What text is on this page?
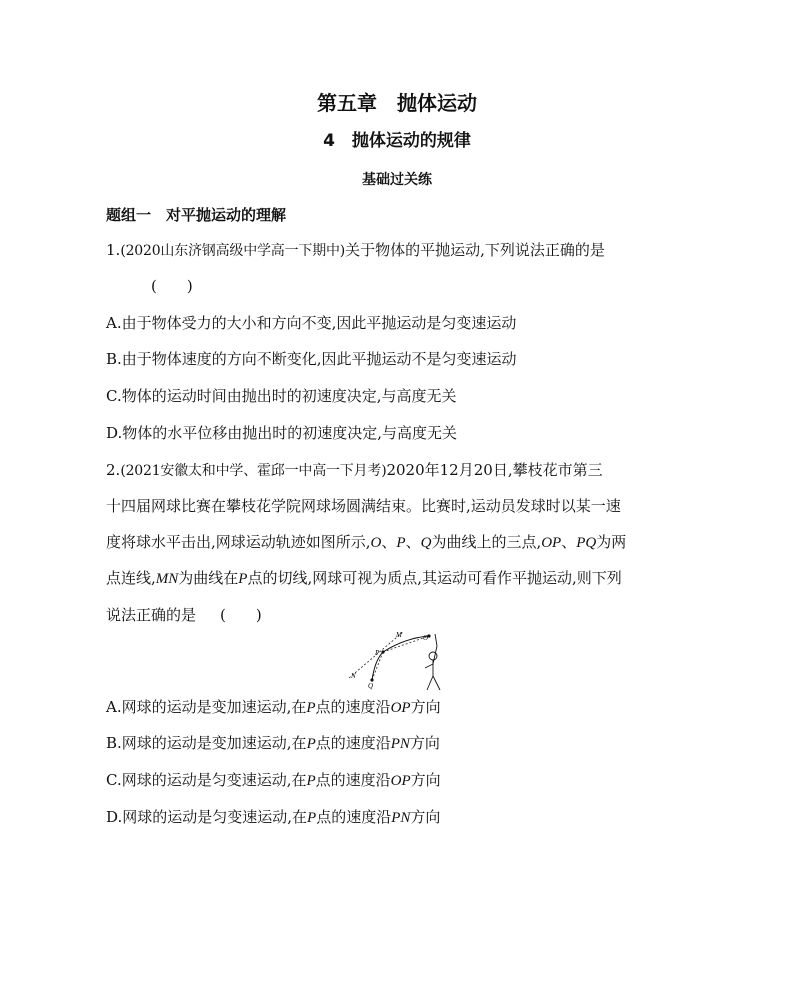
第五章　抛体运动
4　抛体运动的规律
基础过关练
题组一　对平抛运动的理解
1.(2020山东济钢高级中学高一下期中)关于物体的平抛运动,下列说法正确的是
(　　)
A.由于物体受力的大小和方向不变,因此平抛运动是匀变速运动
B.由于物体速度的方向不断变化,因此平抛运动不是匀变速运动
C.物体的运动时间由抛出时的初速度决定,与高度无关
D.物体的水平位移由抛出时的初速度决定,与高度无关
2.(2021安徽太和中学、霍邱一中高一下月考)2020年12月20日,攀枝花市第三
十四届网球比赛在攀枝花学院网球场圆满结束。比赛时,运动员发球时以某一速
度将球水平击出,网球运动轨迹如图所示,O、P、Q为曲线上的三点,OP、PQ为两
点连线,MN为曲线在P点的切线,网球可视为质点,其运动可看作平抛运动,则下列
说法正确的是 (　　)
M	O
P
N
Q
A.网球的运动是变加速运动,在P点的速度沿OP方向
B.网球的运动是变加速运动,在P点的速度沿PN方向
C.网球的运动是匀变速运动,在P点的速度沿OP方向
D.网球的运动是匀变速运动,在P点的速度沿PN方向
